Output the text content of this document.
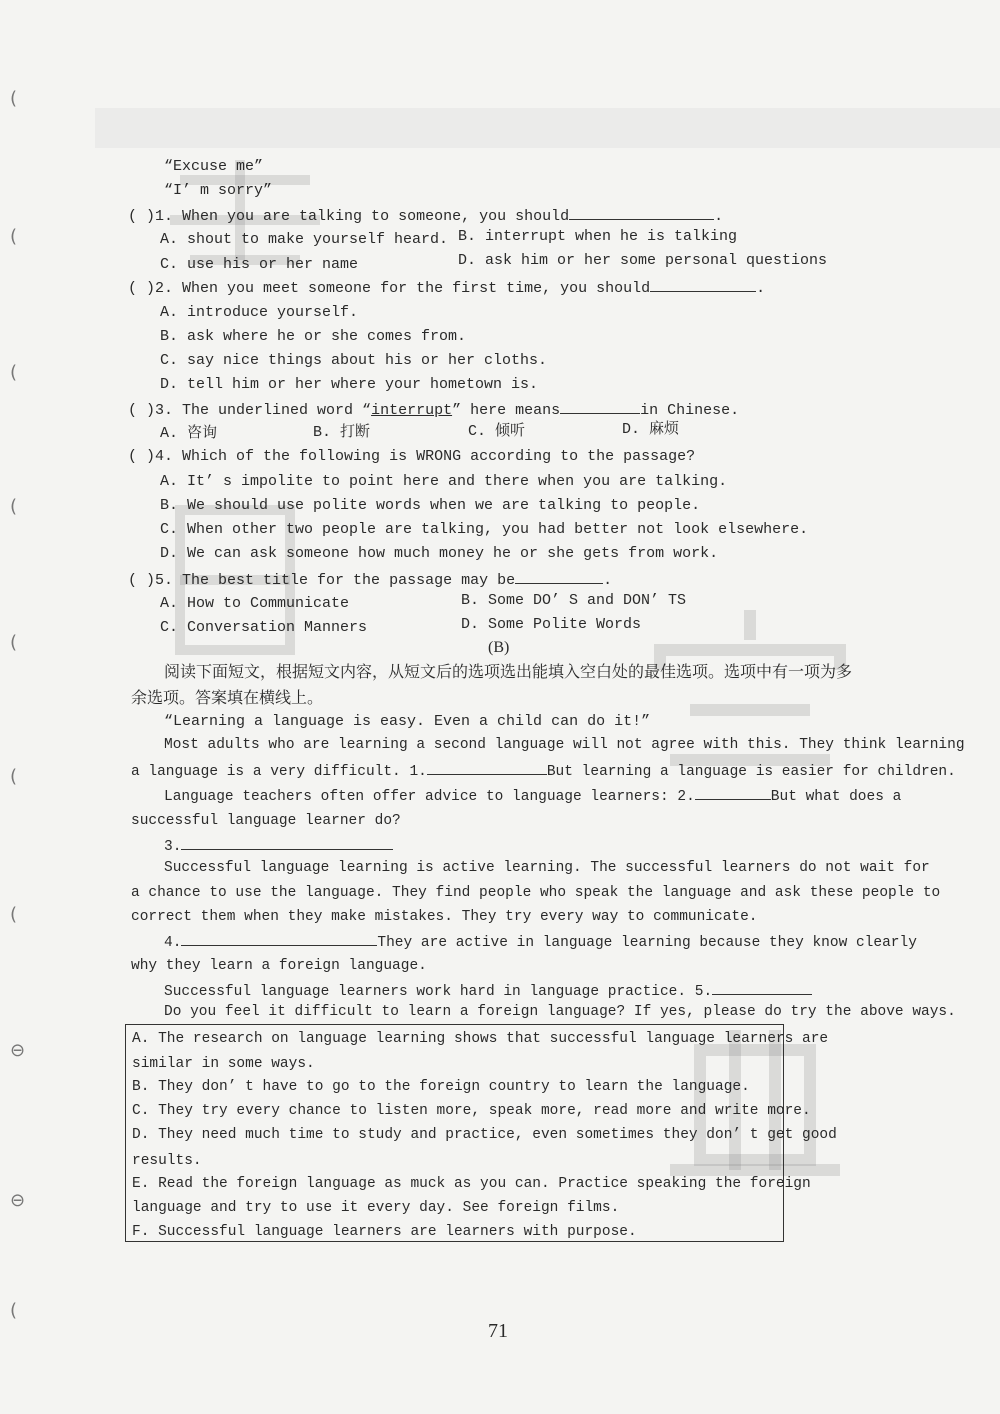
(
(
(
(
(
(
(
⊖
⊖
(
“Excuse me”
“I’ m sorry”
( )1. When you are talking to someone, you should	.
A. shout to make yourself heard. B. interrupt when he is talking
C. use his or her name	D. ask him or her some personal questions
( )2. When you meet someone for the first time, you should	.
A. introduce yourself.
B. ask where he or she comes from.
C. say nice things about his or her cloths.
D. tell him or her where your hometown is.
( )3. The underlined word “interrupt” here means	in Chinese.
A. 咨询	B. 打断	C. 倾听	D. 麻烦
( )4. Which of the following is WRONG according to the passage?
A. It’ s impolite to point here and there when you are talking.
B. We should use polite words when we are talking to people.
C. When other two people are talking, you had better not look elsewhere.
D. We can ask someone how much money he or she gets from work.
( )5. The best title for the passage may be	.
A. How to Communicate	B. Some DO’ S and DON’ TS
C. Conversation Manners	D. Some Polite Words
(B)
阅读下面短文，根据短文内容，从短文后的选项选出能填入空白处的最佳选项。选项中有一项为多
余选项。答案填在横线上。
“Learning a language is easy. Even a child can do it!”
Most adults who are learning a second language will not agree with this. They think learning
a language is a very difficult. 1.	But learning a language is easier for children.
Language teachers often offer advice to language learners: 2.	But what does a
successful language learner do?
3.
Successful language learning is active learning. The successful learners do not wait for
a chance to use the language. They find people who speak the language and ask these people to
correct them when they make mistakes. They try every way to communicate.
4.	They are active in language learning because they know clearly
why they learn a foreign language.
Successful language learners work hard in language practice. 5.
Do you feel it difficult to learn a foreign language? If yes, please do try the above ways.
A. The research on language learning shows that successful language learners are
similar in some ways.
B. They don’ t have to go to the foreign country to learn the language.
C. They try every chance to listen more, speak more, read more and write more.
D. They need much time to study and practice, even sometimes they don’ t get good
results.
E. Read the foreign language as muck as you can. Practice speaking the foreign
language and try to use it every day. See foreign films.
F. Successful language learners are learners with purpose.
71
